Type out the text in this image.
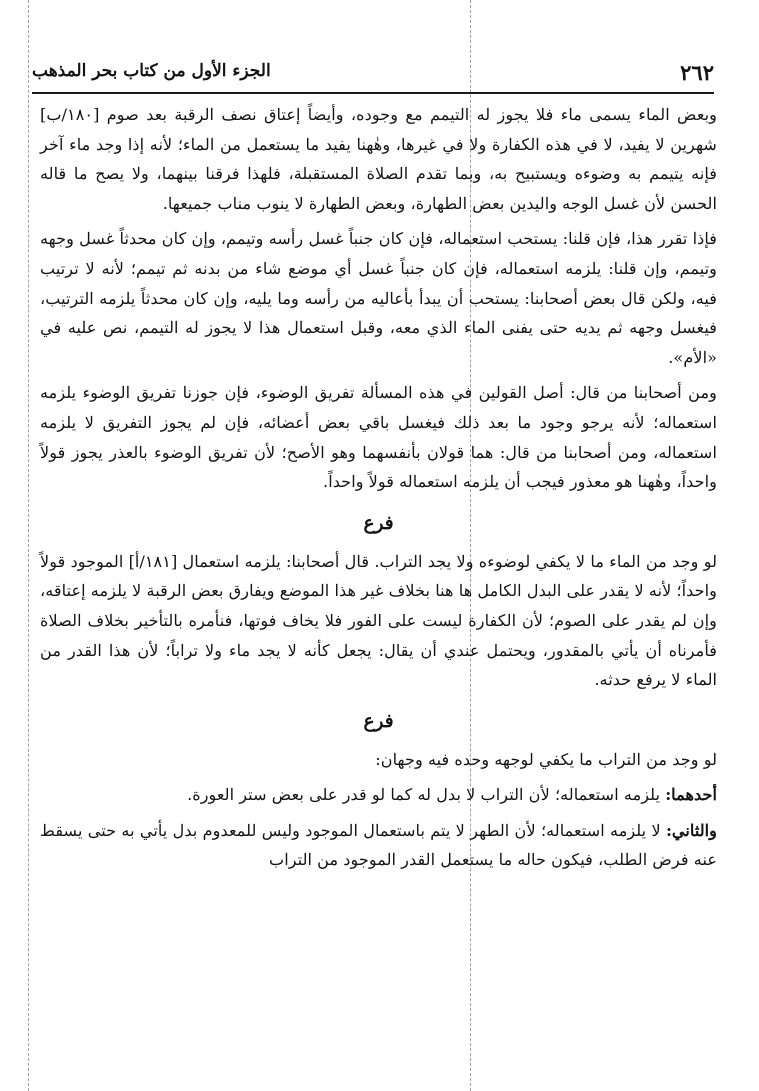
٢٦٢
الجزء الأول من كتاب بحر المذهب

وبعض الماء يسمى ماء فلا يجوز له التيمم مع وجوده، وأيضاً إعتاق نصف الرقبة بعد صوم [١٨٠/ب] شهرين لا يفيد، لا في هذه الكفارة ولا في غيرها، وهٰهنا يفيد ما يستعمل من الماء؛ لأنه إذا وجد ماء آخر فإنه يتيمم به وضوءه ويستبيح به، وبما تقدم الصلاة المستقبلة، فلهذا فرقنا بينهما، ولا يصح ما قاله الحسن لأن غسل الوجه واليدين بعض الطهارة، وبعض الطهارة لا ينوب مناب جميعها.

فإذا تقرر هذا، فإن قلنا: يستحب استعماله، فإن كان جنباً غسل رأسه وتيمم، وإن كان محدثاً غسل وجهه وتيمم، وإن قلنا: يلزمه استعماله، فإن كان جنباً غسل أي موضع شاء من بدنه ثم تيمم؛ لأنه لا ترتيب فيه، ولكن قال بعض أصحابنا: يستحب أن يبدأ بأعاليه من رأسه وما يليه، وإن كان محدثاً يلزمه الترتيب، فيغسل وجهه ثم يديه حتى يفنى الماء الذي معه، وقبل استعمال هذا لا يجوز له التيمم، نص عليه في «الأم».

ومن أصحابنا من قال: أصل القولين في هذه المسألة تفريق الوضوء، فإن جوزنا تفريق الوضوء يلزمه استعماله؛ لأنه يرجو وجود ما بعد ذلك فيغسل باقي بعض أعضائه، فإن لم يجوز التفريق لا يلزمه استعماله، ومن أصحابنا من قال: هما قولان بأنفسهما وهو الأصح؛ لأن تفريق الوضوء بالعذر يجوز قولاً واحداً، وهٰهنا هو معذور فيجب أن يلزمه استعماله قولاً واحداً.

فرع

لو وجد من الماء ما لا يكفي لوضوءه ولا يجد التراب. قال أصحابنا: يلزمه استعمال [١٨١/أ] الموجود قولاً واحداً؛ لأنه لا يقدر على البدل الكامل ها هنا بخلاف غير هذا الموضع ويفارق بعض الرقبة لا يلزمه إعتاقه، وإن لم يقدر على الصوم؛ لأن الكفارة ليست على الفور فلا يخاف فوتها، فنأمره بالتأخير بخلاف الصلاة فأمرناه أن يأتي بالمقدور، ويحتمل عندي أن يقال: يجعل كأنه لا يجد ماء ولا تراباً؛ لأن هذا القدر من الماء لا يرفع حدثه.

فرع

لو وجد من التراب ما يكفي لوجهه وحده فيه وجهان:

أحدهما: يلزمه استعماله؛ لأن التراب لا بدل له كما لو قدر على بعض ستر العورة.

والثاني: لا يلزمه استعماله؛ لأن الطهر لا يتم باستعمال الموجود وليس للمعدوم بدل يأتي به حتى يسقط عنه فرض الطلب، فيكون حاله ما يستعمل القدر الموجود من التراب
